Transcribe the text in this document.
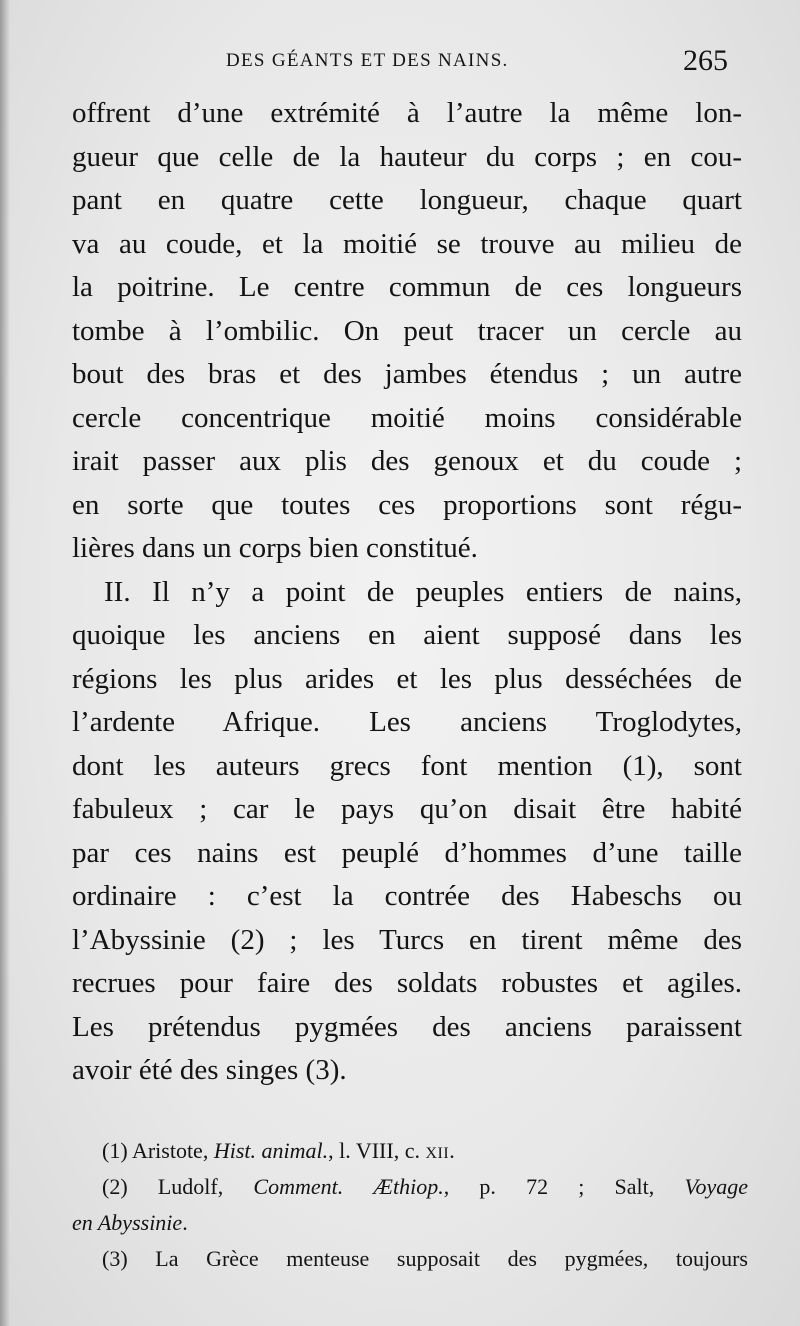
DES GÉANTS ET DES NAINS.	265
offrent d’une extrémité à l’autre la même lon-
gueur que celle de la hauteur du corps ; en cou-
pant en quatre cette longueur, chaque quart
va au coude, et la moitié se trouve au milieu de
la poitrine. Le centre commun de ces longueurs
tombe à l’ombilic. On peut tracer un cercle au
bout des bras et des jambes étendus ; un autre
cercle concentrique moitié moins considérable
irait passer aux plis des genoux et du coude ;
en sorte que toutes ces proportions sont régu-
lières dans un corps bien constitué.
II. Il n’y a point de peuples entiers de nains,
quoique les anciens en aient supposé dans les
régions les plus arides et les plus desséchées de
l’ardente Afrique. Les anciens Troglodytes,
dont les auteurs grecs font mention (1), sont
fabuleux ; car le pays qu’on disait être habité
par ces nains est peuplé d’hommes d’une taille
ordinaire : c’est la contrée des Habeschs ou
l’Abyssinie (2) ; les Turcs en tirent même des
recrues pour faire des soldats robustes et agiles.
Les prétendus pygmées des anciens paraissent
avoir été des singes (3).
(1) Aristote, Hist. animal., l. VIII, c. XII.
(2) Ludolf, Comment. Æthiop., p. 72 ; Salt, Voyage
en Abyssinie.
(3) La Grèce menteuse supposait des pygmées, toujours
